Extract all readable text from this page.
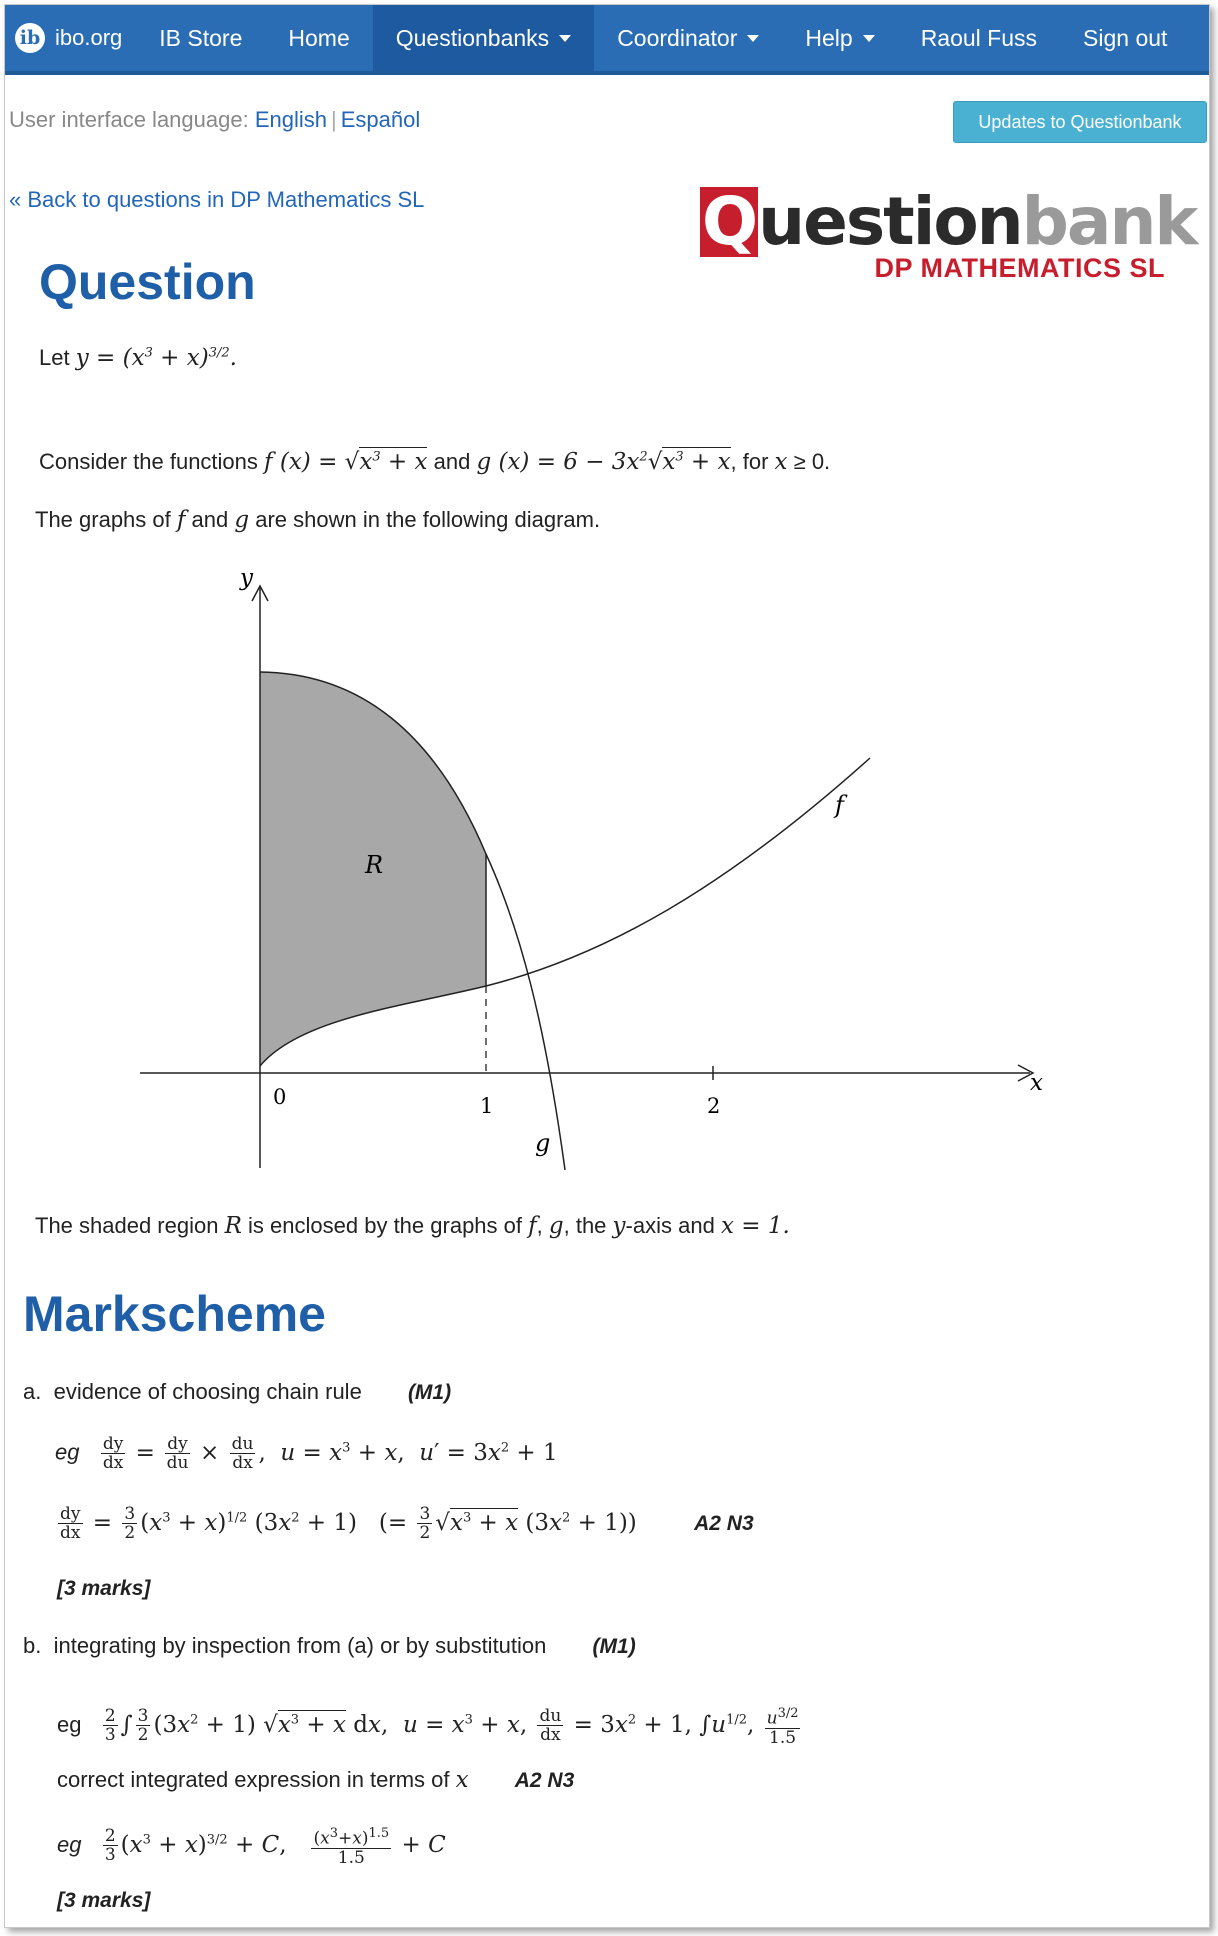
ib ibo.org IB Store Home Questionbanks	Coordinator	Help	Raoul Fuss Sign out
User interface language: English | Español	Updates to Questionbank
« Back to questions in DP Mathematics SL	Questionbank
DP MATHEMATICS SL
Question
Let $y = (x^3 + x)^{3/2}$.
Consider the functions f $(x) = √x^3 + x$ and g $(x) = 6 - 3x^2√x^3 + x$, for x ≥ 0.
The graphs of f and g are shown in the following diagram.
0	1	2
x
y
R
f
g
The shaded region R is enclosed by the graphs of f, g, the y-axis and x = 1.
Markscheme
a. evidence of choosing chain rule (M1)
eg $\frac{dy}{dx} = \frac{dy}{du} \times \frac{du}{dx}$ ,  $u = x^3 + x$,  $u' = 3x^2 + 1$
$\frac{dy}{dx} = \frac{3}{2} (x^3 + x)^{1/2}$ $(3x^2 + 1)$   (= $\frac{3}{2} √x^3 + x$ $(3x^2 + 1)$) A2 N3
[3 marks]
b. integrating by inspection from (a) or by substitution (M1)
eg $\frac{2}{3}$ ∫ $\frac{3}{2} (3x^2 + 1) √x^3 + x$ dx,  $u = x^3 + x$, $\frac{du}{dx} = 3x^2 + 1$, $\int u^{1/2}$, $\frac{u^{3/2}}{1.5}$
correct integrated expression in terms of x A2 N3
eg $\frac{2}{3} (x^3 + x)^{3/2} + C$, $\frac{(x^3+x)^{1.5}}{1.5} + C$
[3 marks]
